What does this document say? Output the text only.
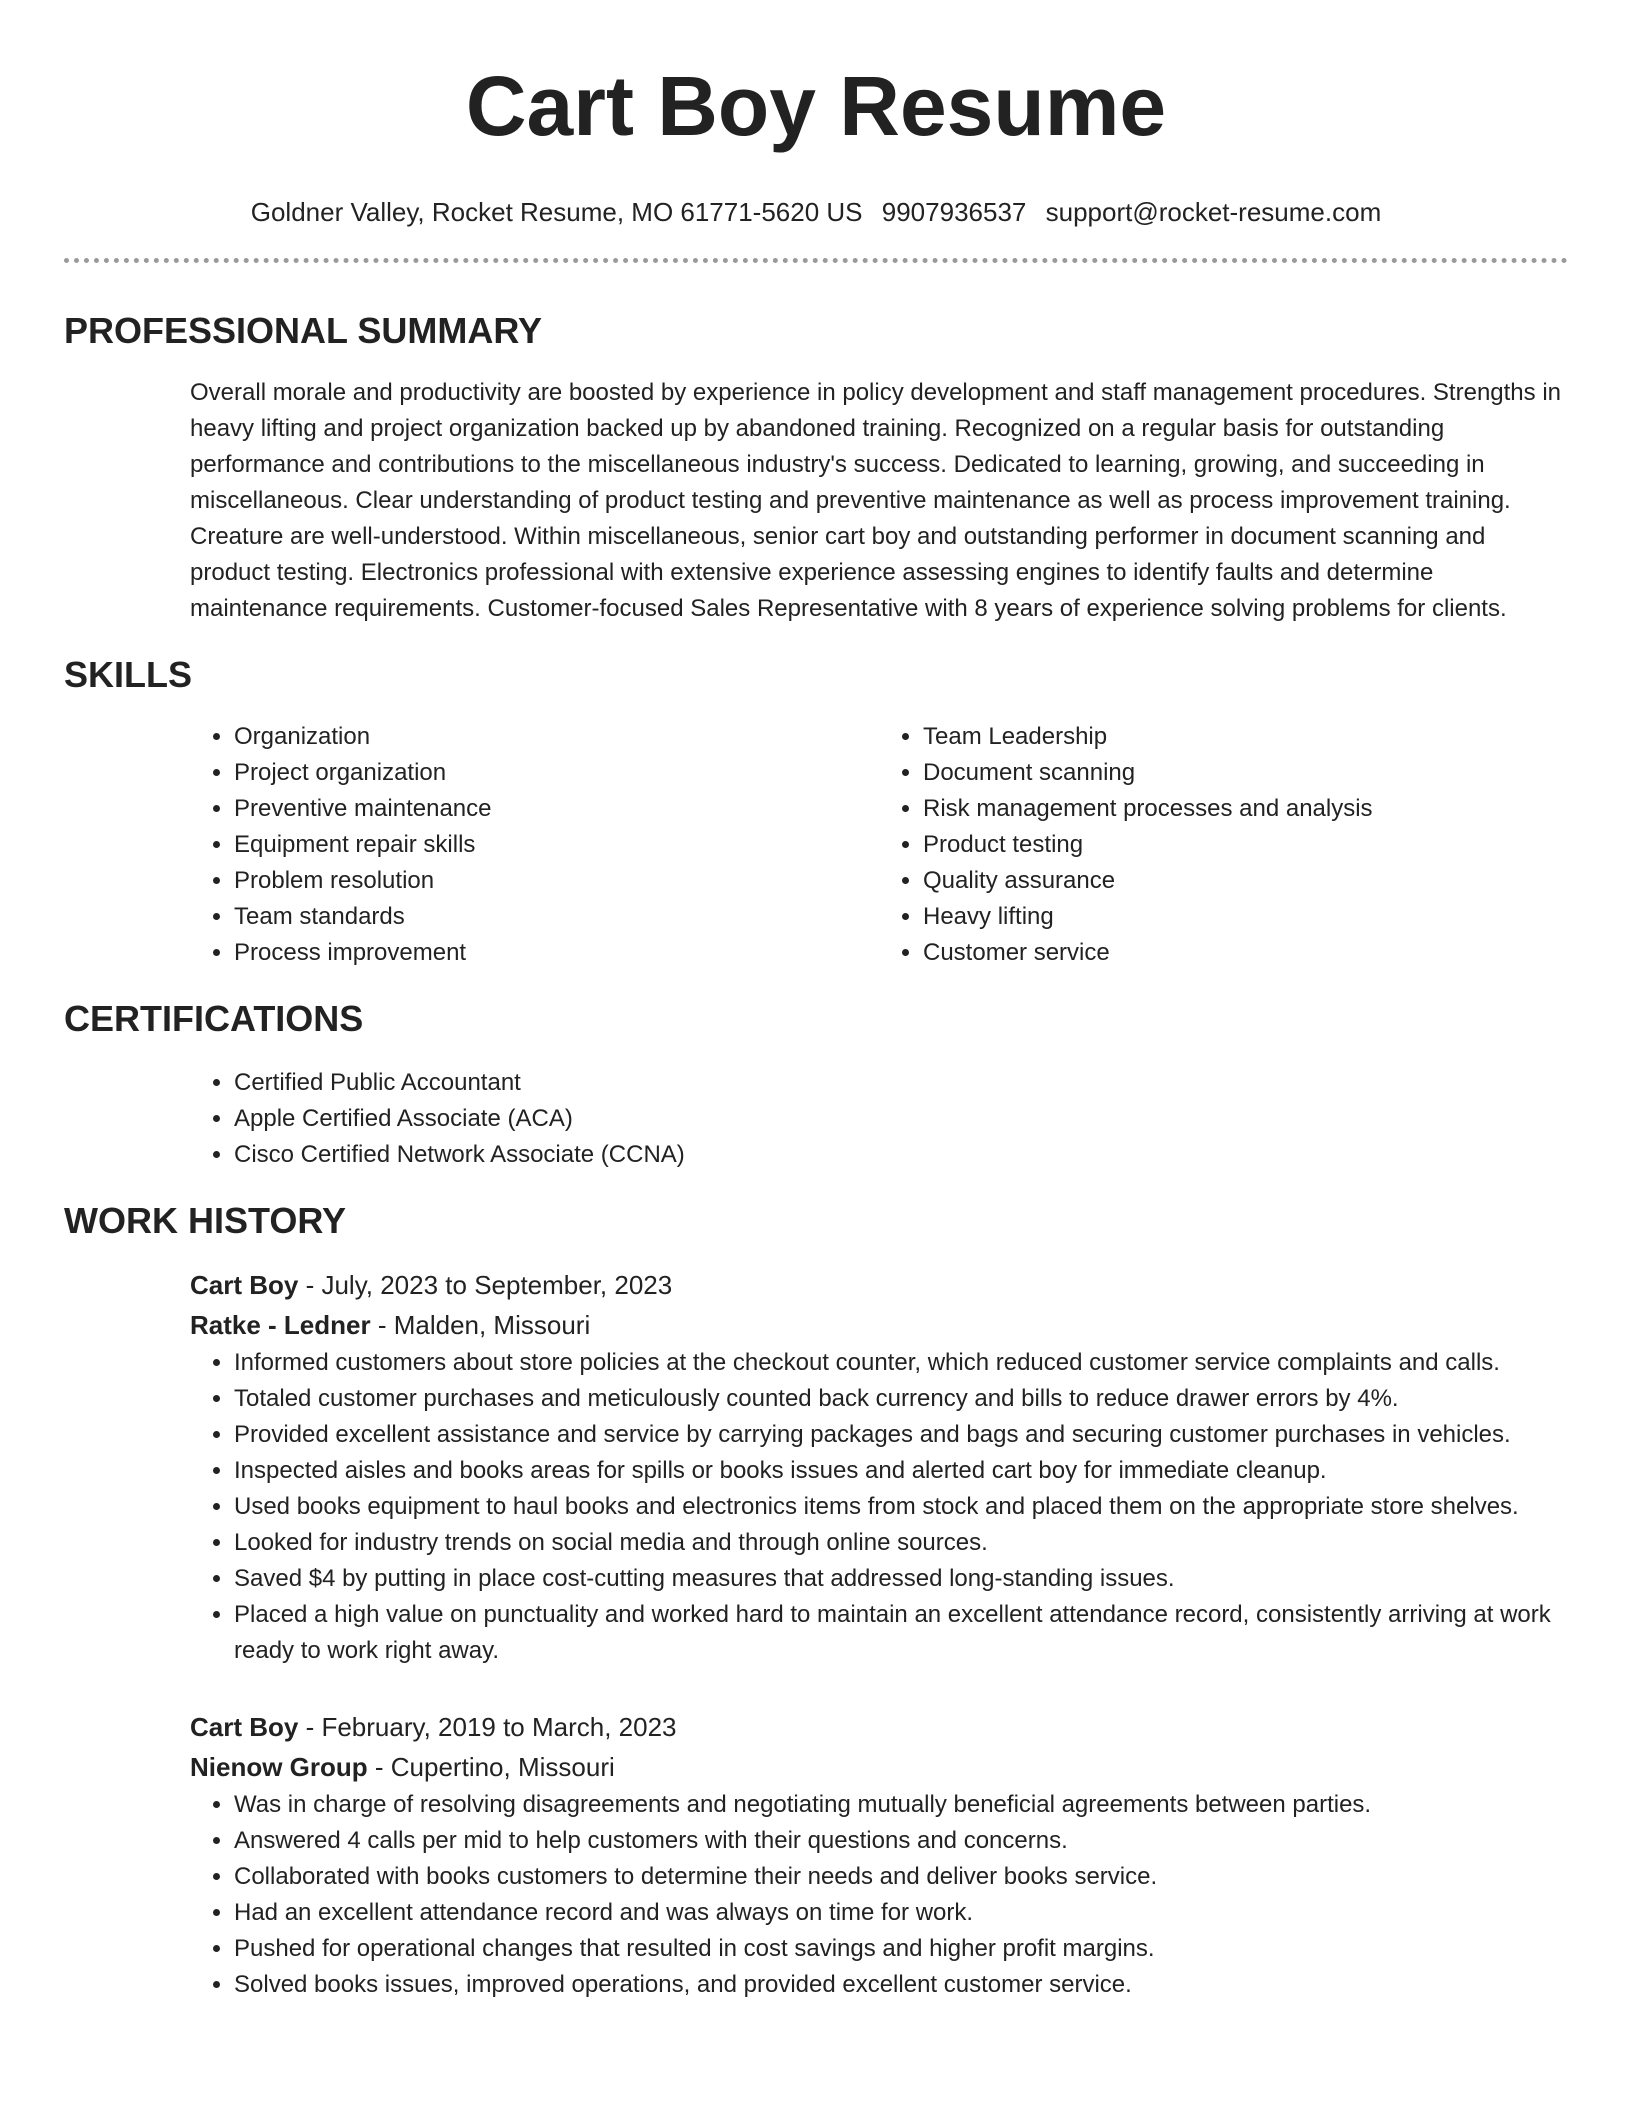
Cart Boy Resume
Goldner Valley, Rocket Resume, MO 61771-5620 US 9907936537 support@rocket-resume.com
PROFESSIONAL SUMMARY
Overall morale and productivity are boosted by experience in policy development and staff management procedures. Strengths in heavy lifting and project organization backed up by abandoned training. Recognized on a regular basis for outstanding performance and contributions to the miscellaneous industry's success. Dedicated to learning, growing, and succeeding in miscellaneous. Clear understanding of product testing and preventive maintenance as well as process improvement training. Creature are well-understood. Within miscellaneous, senior cart boy and outstanding performer in document scanning and product testing. Electronics professional with extensive experience assessing engines to identify faults and determine maintenance requirements. Customer-focused Sales Representative with 8 years of experience solving problems for clients.
SKILLS
• Organization
• Project organization
• Preventive maintenance
• Equipment repair skills
• Problem resolution
• Team standards
• Process improvement
• Team Leadership
• Document scanning
• Risk management processes and analysis
• Product testing
• Quality assurance
• Heavy lifting
• Customer service
CERTIFICATIONS
• Certified Public Accountant
• Apple Certified Associate (ACA)
• Cisco Certified Network Associate (CCNA)
WORK HISTORY
Cart Boy - July, 2023 to September, 2023
Ratke - Ledner - Malden, Missouri
• Informed customers about store policies at the checkout counter, which reduced customer service complaints and calls.
• Totaled customer purchases and meticulously counted back currency and bills to reduce drawer errors by 4%.
• Provided excellent assistance and service by carrying packages and bags and securing customer purchases in vehicles.
• Inspected aisles and books areas for spills or books issues and alerted cart boy for immediate cleanup.
• Used books equipment to haul books and electronics items from stock and placed them on the appropriate store shelves.
• Looked for industry trends on social media and through online sources.
• Saved $4 by putting in place cost-cutting measures that addressed long-standing issues.
• Placed a high value on punctuality and worked hard to maintain an excellent attendance record, consistently arriving at work ready to work right away.
Cart Boy - February, 2019 to March, 2023
Nienow Group - Cupertino, Missouri
• Was in charge of resolving disagreements and negotiating mutually beneficial agreements between parties.
• Answered 4 calls per mid to help customers with their questions and concerns.
• Collaborated with books customers to determine their needs and deliver books service.
• Had an excellent attendance record and was always on time for work.
• Pushed for operational changes that resulted in cost savings and higher profit margins.
• Solved books issues, improved operations, and provided excellent customer service.
